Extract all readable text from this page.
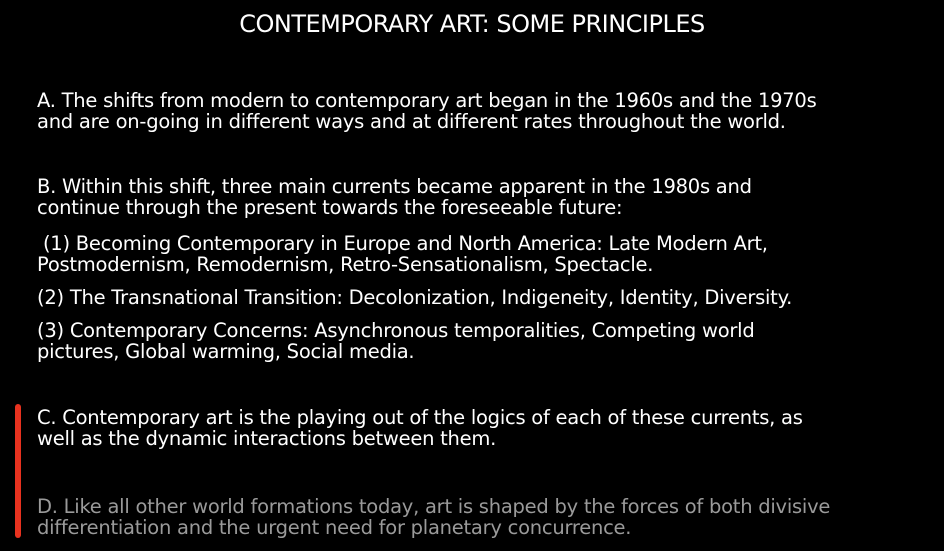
CONTEMPORARY ART: SOME PRINCIPLES

A. The shifts from modern to contemporary art began in the 1960s and the 1970s
and are on-going in different ways and at different rates throughout the world.

B. Within this shift, three main currents became apparent in the 1980s and
continue through the present towards the foreseeable future:

(1) Becoming Contemporary in Europe and North America: Late Modern Art,
Postmodernism, Remodernism, Retro-Sensationalism, Spectacle.

(2) The Transnational Transition: Decolonization, Indigeneity, Identity, Diversity.

(3) Contemporary Concerns: Asynchronous temporalities, Competing world
pictures, Global warming, Social media.

C. Contemporary art is the playing out of the logics of each of these currents, as
well as the dynamic interactions between them.

D. Like all other world formations today, art is shaped by the forces of both divisive
differentiation and the urgent need for planetary concurrence.
